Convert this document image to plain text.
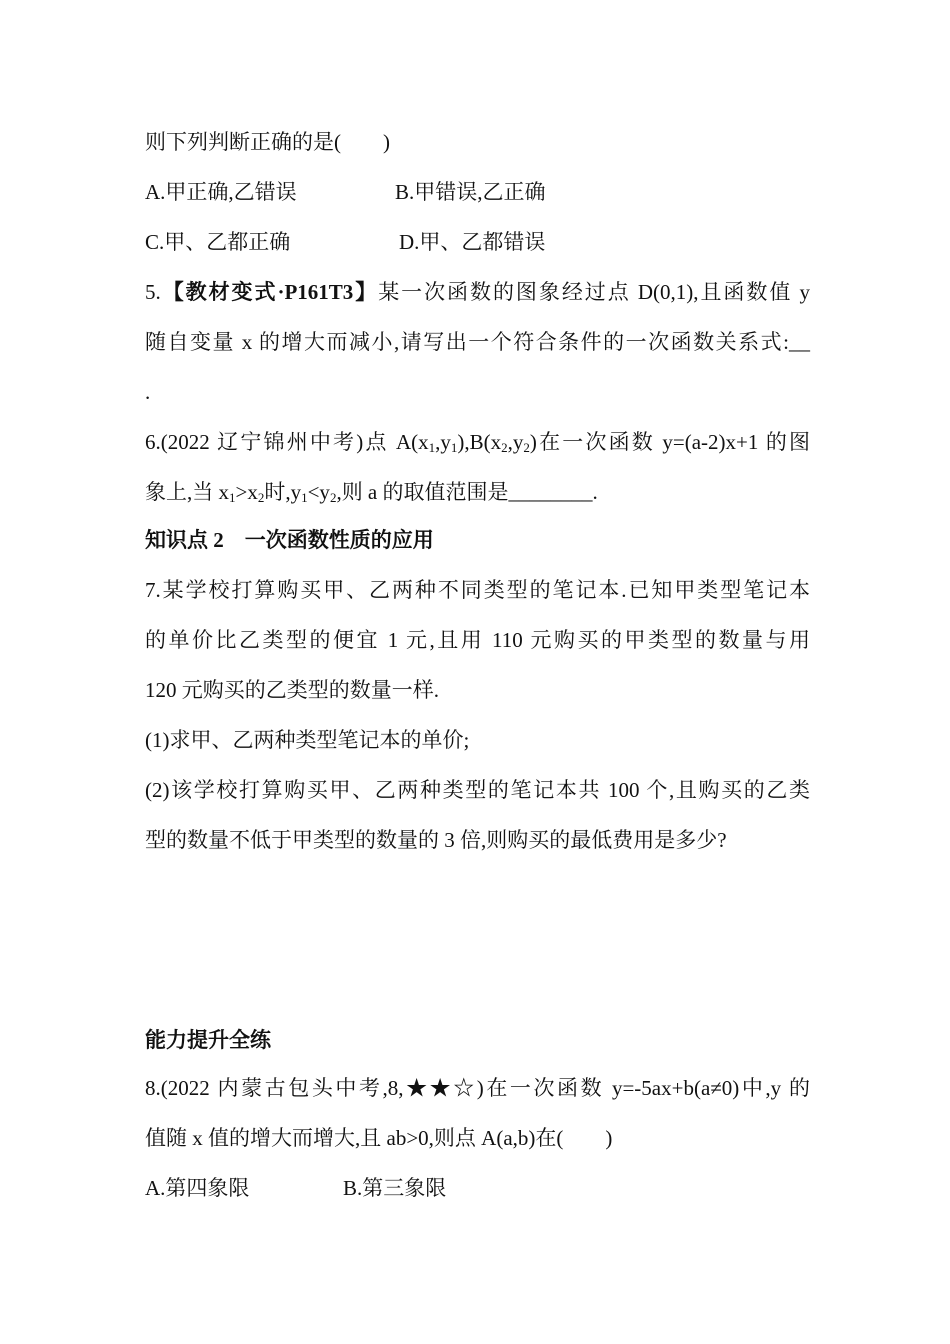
则下列判断正确的是(　　)
A.甲正确,乙错误	B.甲错误,乙正确
C.甲、乙都正确	D.甲、乙都错误
5.【教材变式·P161T3】某一次函数的图象经过点 D(0,1),且函数值 y
随自变量 x 的增大而减小,请写出一个符合条件的一次函数关系式:__
.
6.(2022 辽宁锦州中考)点 $A(x_1,y_1),B(x_2,y_2)$在一次函数 y=(a-2)x+1 的图
象上,当 $x_1>x_2$时$,y_1<y_2$,则 a 的取值范围是________.
知识点 2　一次函数性质的应用
7.某学校打算购买甲、乙两种不同类型的笔记本.已知甲类型笔记本
的单价比乙类型的便宜 1 元,且用 110 元购买的甲类型的数量与用
120 元购买的乙类型的数量一样.
(1)求甲、乙两种类型笔记本的单价;
(2)该学校打算购买甲、乙两种类型的笔记本共 100 个,且购买的乙类
型的数量不低于甲类型的数量的 3 倍,则购买的最低费用是多少?
能力提升全练
8.(2022 内蒙古包头中考,8,★★☆)在一次函数 y=-5ax+b(a≠0)中,y 的
值随 x 值的增大而增大,且 ab>0,则点 A(a,b)在(　　)
A.第四象限	B.第三象限
